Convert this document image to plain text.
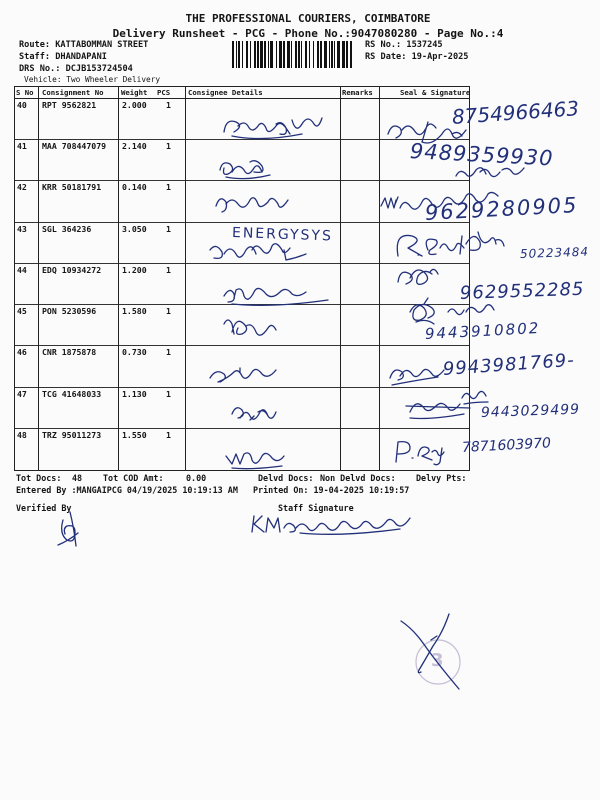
THE PROFESSIONAL COURIERS, COIMBATORE
Delivery Runsheet - PCG - Phone No.:9047080280 - Page No.:4
Route: KATTABOMMAN STREET
Staff: DHANDAPANI
DRS No.: DCJB153724504
Vehicle: Two Wheeler Delivery
RS No.: 1537245
RS Date: 19-Apr-2025
S No Consignment No Weight PCS Consignee Details	Remarks	Seal & Signature
40 RPT 9562821	2.000 1
41 MAA 708447079 2.140 1
42 KRR 50181791	0.140 1
43 SGL 364236	3.050 1
44 EDQ 10934272	1.200 1
45 PON 5230596	1.580 1
46 CNR 1875878	0.730 1
47 TCG 41648033	1.130 1
48 TRZ 95011273	1.550 1
Tot Docs: 48 Tot COD Amt:	0.00	Delvd Docs: Non Delvd Docs: Delvy Pts:
Entered By :MANGAIPCG 04/19/2025 10:19:13 AM Printed On: 19-04-2025 10:19:57
Verified By	Staff Signature
8754966463
9489359930
9629280905
50223484
9629552285
9443910802
9943981769-
9443029499
7871603970
ENERGYSYS
3
